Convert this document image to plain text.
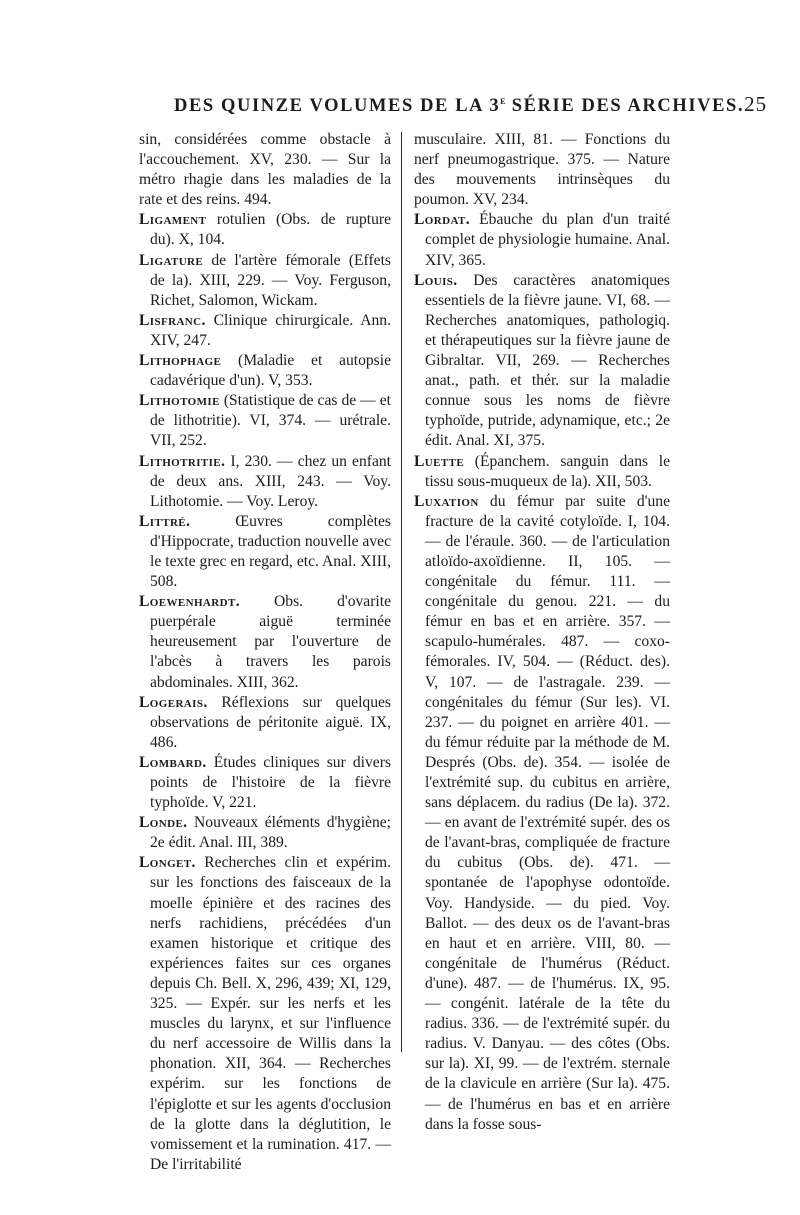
DES QUINZE VOLUMES DE LA 3e SÉRIE DES ARCHIVES. 25

sin, considérées comme obstacle à l'accouchement. XV, 230. — Sur la métro rhagie dans les maladies de la rate et des reins. 494.

Ligament rotulien (Obs. de rupture du). X, 104.

Ligature de l'artère fémorale (Effets de la). XIII, 229. — Voy. Ferguson, Richet, Salomon, Wickam.

Lisfranc. Clinique chirurgicale. Ann. XIV, 247.

Lithophage (Maladie et autopsie cadavérique d'un). V, 353.

Lithotomie (Statistique de cas de — et de lithotritie). VI, 374. — urétrale. VII, 252.

Lithotritie. I, 230. — chez un enfant de deux ans. XIII, 243. — Voy. Lithotomie. — Voy. Leroy.

Littré. Œuvres complètes d'Hippocrate, traduction nouvelle avec le texte grec en regard, etc. Anal. XIII, 508.

Loewenhardt. Obs. d'ovarite puerpérale aiguë terminée heureusement par l'ouverture de l'abcès à travers les parois abdominales. XIII, 362.

Logerais. Réflexions sur quelques observations de péritonite aiguë. IX, 486.

Lombard. Études cliniques sur divers points de l'histoire de la fièvre typhoïde. V, 221.

Londe. Nouveaux éléments d'hygiène; 2e édit. Anal. III, 389.

Longet. Recherches clin et expérim. sur les fonctions des faisceaux de la moelle épinière et des racines des nerfs rachidiens, précédées d'un examen historique et critique des expériences faites sur ces organes depuis Ch. Bell. X, 296, 439; XI, 129, 325. — Expér. sur les nerfs et les muscles du larynx, et sur l'influence du nerf accessoire de Willis dans la phonation. XII, 364. — Recherches expérim. sur les fonctions de l'épiglotte et sur les agents d'occlusion de la glotte dans la déglutition, le vomissement et la rumination. 417. — De l'irritabilité

musculaire. XIII, 81. — Fonctions du nerf pneumogastrique. 375. — Nature des mouvements intrinsèques du poumon. XV, 234.

Lordat. Ébauche du plan d'un traité complet de physiologie humaine. Anal. XIV, 365.

Louis. Des caractères anatomiques essentiels de la fièvre jaune. VI, 68. — Recherches anatomiques, pathologiq. et thérapeutiques sur la fièvre jaune de Gibraltar. VII, 269. — Recherches anat., path. et thér. sur la maladie connue sous les noms de fièvre typhoïde, putride, adynamique, etc.; 2e édit. Anal. XI, 375.

Luette (Épanchem. sanguin dans le tissu sous-muqueux de la). XII, 503.

Luxation du fémur par suite d'une fracture de la cavité cotyloïde. I, 104. — de l'éraule. 360. — de l'articulation atloïdo-axoïdienne. II, 105. — congénitale du fémur. 111. — congénitale du genou. 221. — du fémur en bas et en arrière. 357. — scapulo-humérales. 487. — coxo-fémorales. IV, 504. — (Réduct. des). V, 107. — de l'astragale. 239. — congénitales du fémur (Sur les). VI. 237. — du poignet en arrière 401. — du fémur réduite par la méthode de M. Després (Obs. de). 354. — isolée de l'extrémité sup. du cubitus en arrière, sans déplacem. du radius (De la). 372. — en avant de l'extrémité supér. des os de l'avant-bras, compliquée de fracture du cubitus (Obs. de). 471. — spontanée de l'apophyse odontoïde. Voy. Handyside. — du pied. Voy. Ballot. — des deux os de l'avant-bras en haut et en arrière. VIII, 80. — congénitale de l'humérus (Réduct. d'une). 487. — de l'humérus. IX, 95. — congénit. latérale de la tête du radius. 336. — de l'extrémité supér. du radius. V. Danyau. — des côtes (Obs. sur la). XI, 99. — de l'extrém. sternale de la clavicule en arrière (Sur la). 475. — de l'humérus en bas et en arrière dans la fosse sous-
